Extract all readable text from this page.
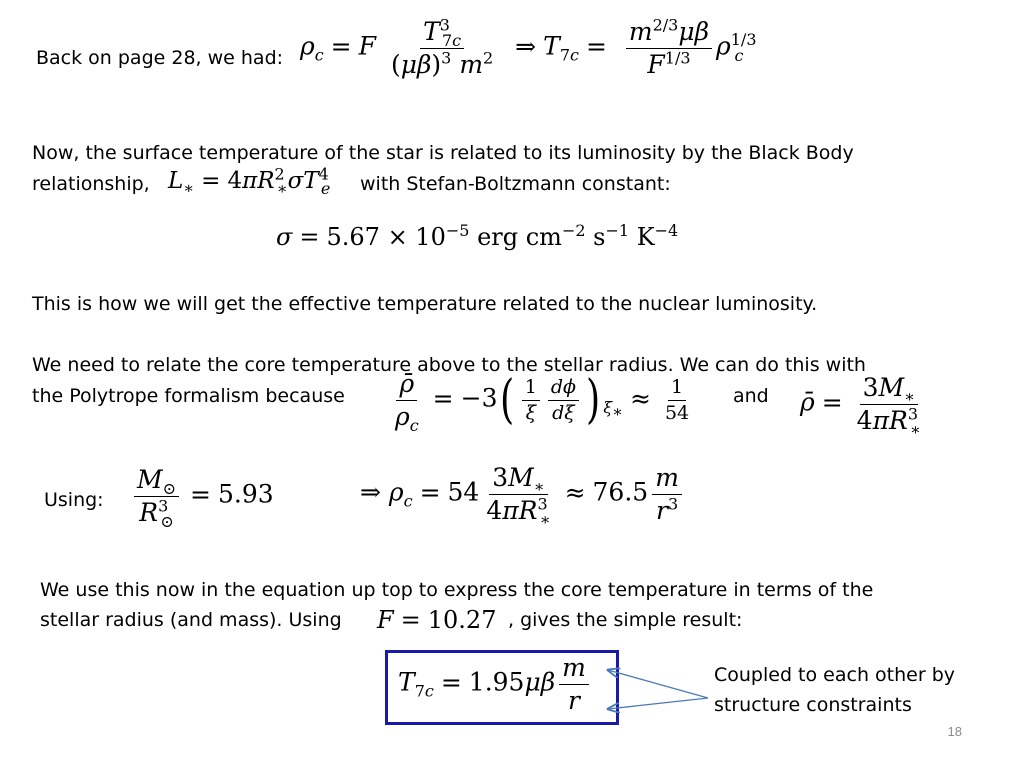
Back on page 28, we had: $\rho_c = F \frac{T^3_{7c}}{(\mu\beta)^3 m^2}$ ⇒ $T_{7c} = \frac{m^{2/3}\mu\beta}{F^{1/3}} \rho^{1/3}_c$
Now, the surface temperature of the star is related to its luminosity by the Black Body
relationship, $L_∗ = 4\pi R^2_∗\sigma T^4_e$ with Stefan-Boltzmann constant:
$\sigma = 5.67 \times 10^{-5}$ erg $cm^{-2}$ $s^{-1}$ $K^{-4}$
This is how we will get the effective temperature related to the nuclear luminosity.
We need to relate the core temperature above to the stellar radius. We can do this with
the Polytrope formalism because $\frac{\rhō}{\rho_c} = -3( \frac{1}{\xi} \frac{d\phi}{d\xi}$ ) $_{\xi_∗} \approx \frac{1}{54}$ and ρ̄ = $\frac{3M_∗}{4\pi R^3_∗}$
Using: $\frac{M_⊙}{R^3_⊙} = 5.93$	⇒ $\rho_c = 54 \frac{3M_∗}{4\pi R^3_∗} \approx 76.5 \frac{m}{r^3}$
We use this now in the equation up top to express the core temperature in terms of the
stellar radius (and mass). Using F = 10.27 , gives the simple result:
$T_{7c} = 1.95\mu\beta \frac{m}{r}$	Coupled to each other by
structure constraints
18
